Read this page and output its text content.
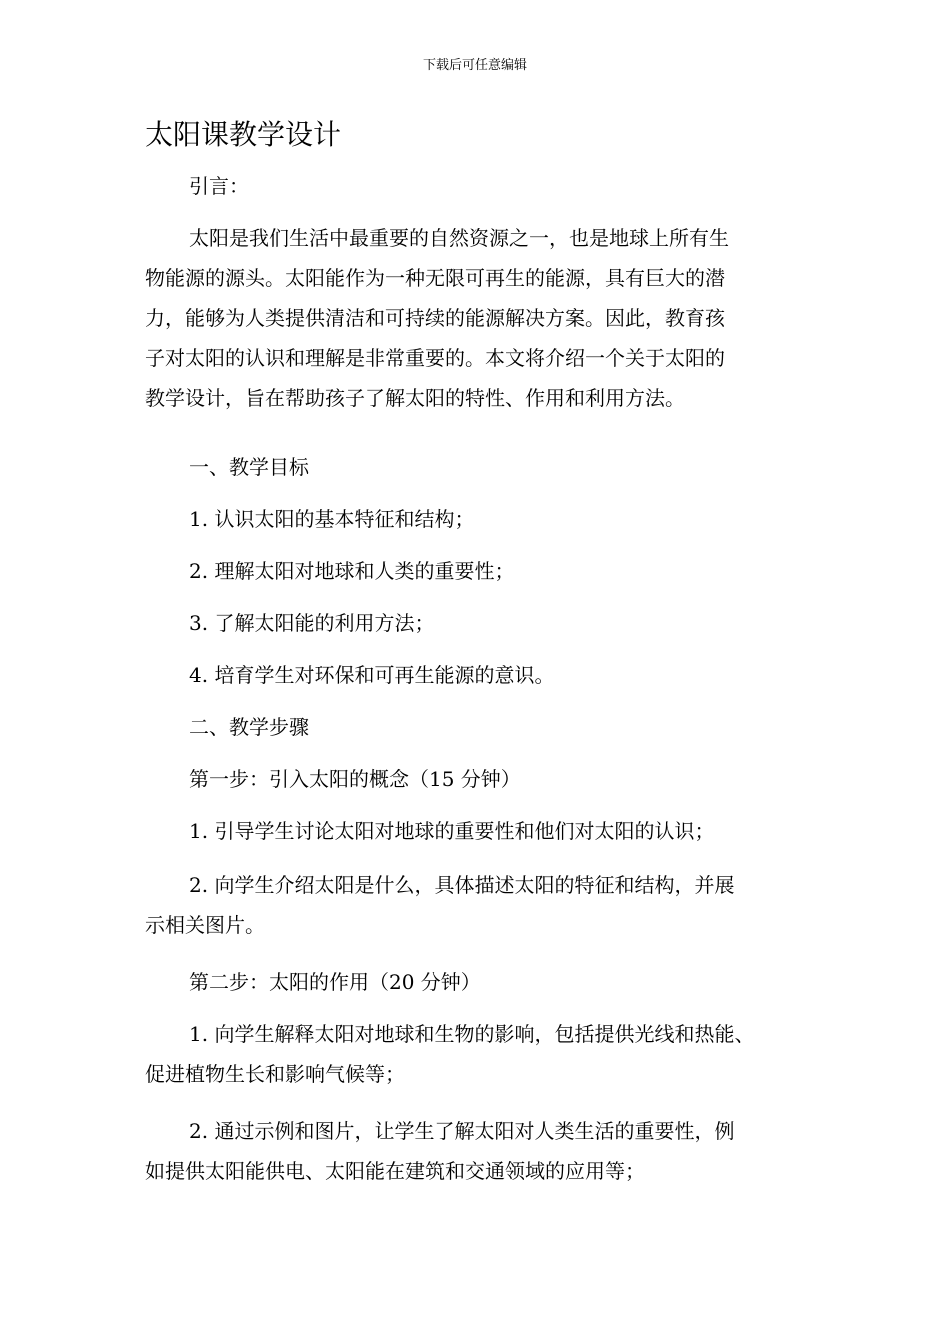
下载后可任意编辑
太阳课教学设计

引言：

太阳是我们生活中最重要的自然资源之一，也是地球上所有生
物能源的源头。太阳能作为一种无限可再生的能源，具有巨大的潜
力，能够为人类提供清洁和可持续的能源解决方案。因此，教育孩
子对太阳的认识和理解是非常重要的。本文将介绍一个关于太阳的
教学设计，旨在帮助孩子了解太阳的特性、作用和利用方法。

一、教学目标

1. 认识太阳的基本特征和结构；

2. 理解太阳对地球和人类的重要性；

3. 了解太阳能的利用方法；

4. 培育学生对环保和可再生能源的意识。

二、教学步骤

第一步：引入太阳的概念（15 分钟）

1. 引导学生讨论太阳对地球的重要性和他们对太阳的认识；

2. 向学生介绍太阳是什么，具体描述太阳的特征和结构，并展
示相关图片。

第二步：太阳的作用（20 分钟）

1. 向学生解释太阳对地球和生物的影响，包括提供光线和热能、
促进植物生长和影响气候等；

2. 通过示例和图片，让学生了解太阳对人类生活的重要性，例
如提供太阳能供电、太阳能在建筑和交通领域的应用等；
